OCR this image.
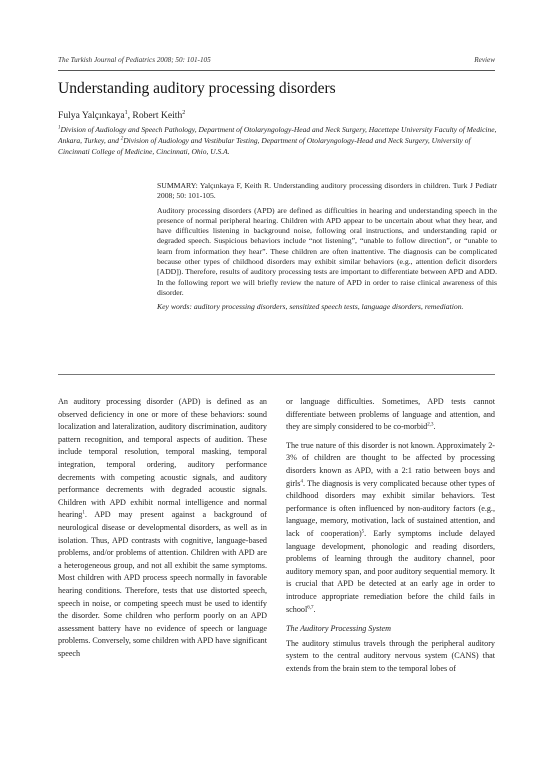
The Turkish Journal of Pediatrics 2008; 50: 101-105	Review
Understanding auditory processing disorders
Fulya Yalçınkaya$^1$, Robert Keith$^2$
$^1$Division of Audiology and Speech Pathology, Department of Otolaryngology-Head and Neck Surgery, Hacettepe University Faculty of Medicine, Ankara, Turkey, and $^2$Division of Audiology and Vestibular Testing, Department of Otolaryngology-Head and Neck Surgery, University of Cincinnati College of Medicine, Cincinnati, Ohio, U.S.A.

SUMMARY: Yalçınkaya F, Keith R. Understanding auditory processing disorders in children. Turk J Pediatr 2008; 50: 101-105.

Auditory processing disorders (APD) are defined as difficulties in hearing and understanding speech in the presence of normal peripheral hearing. Children with APD appear to be uncertain about what they hear, and have difficulties listening in background noise, following oral instructions, and understanding rapid or degraded speech. Suspicious behaviors include “not listening”, “unable to follow direction”, or “unable to learn from information they hear”. These children are often inattentive. The diagnosis can be complicated because other types of childhood disorders may exhibit similar behaviors (e.g., attention deficit disorders [ADD]). Therefore, results of auditory processing tests are important to differentiate between APD and ADD. In the following report we will briefly review the nature of APD in order to raise clinical awareness of this disorder.

Key words: auditory processing disorders, sensitized speech tests, language disorders, remediation.

An auditory processing disorder (APD) is defined as an observed deficiency in one or more of these behaviors: sound localization and lateralization, auditory discrimination, auditory pattern recognition, and temporal aspects of audition. These include temporal resolution, temporal masking, temporal integration, temporal ordering, auditory performance decrements with competing acoustic signals, and auditory performance decrements with degraded acoustic signals. Children with APD exhibit normal intelligence and normal hearing$^1$. APD may present against a background of neurological disease or developmental disorders, as well as in isolation. Thus, APD contrasts with cognitive, language-based problems, and/or problems of attention. Children with APD are a heterogeneous group, and not all exhibit the same symptoms. Most children with APD process speech normally in favorable hearing conditions. Therefore, tests that use distorted speech, speech in noise, or competing speech must be used to identify the disorder. Some children who perform poorly on an APD assessment battery have no evidence of speech or language problems. Conversely, some children with APD have significant speech

or language difficulties. Sometimes, APD tests cannot differentiate between problems of language and attention, and they are simply considered to be co-morbid$^{2,3}$.

The true nature of this disorder is not known. Approximately 2-3% of children are thought to be affected by processing disorders known as APD, with a 2:1 ratio between boys and girls$^4$. The diagnosis is very complicated because other types of childhood disorders may exhibit similar behaviors. Test performance is often influenced by non-auditory factors (e.g., language, memory, motivation, lack of sustained attention, and lack of cooperation)$^5$. Early symptoms include delayed language development, phonologic and reading disorders, problems of learning through the auditory channel, poor auditory memory span, and poor auditory sequential memory. It is crucial that APD be detected at an early age in order to introduce appropriate remediation before the child fails in school$^{6,7}$.

The Auditory Processing System

The auditory stimulus travels through the peripheral auditory system to the central auditory nervous system (CANS) that extends from the brain stem to the temporal lobes of
